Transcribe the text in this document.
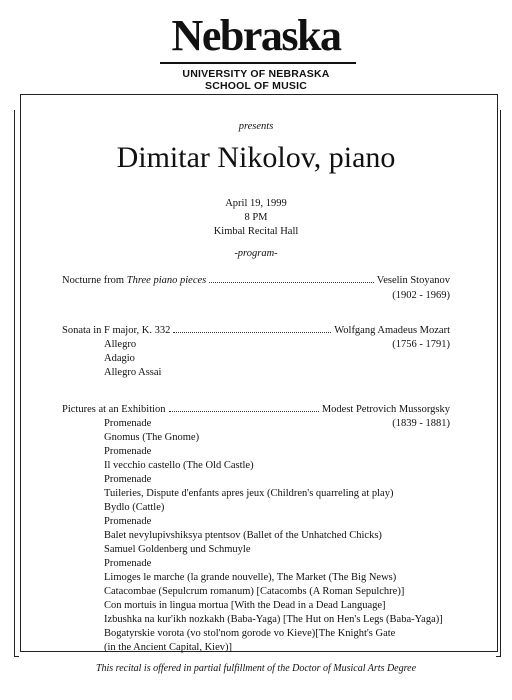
Nebraska
UNIVERSITY OF NEBRASKA
SCHOOL OF MUSIC
presents
Dimitar Nikolov, piano
April 19, 1999
8 PM
Kimbal Recital Hall
-program-
Nocturne from Three piano pieces	Veselin Stoyanov
(1902 - 1969)
Sonata in F major, K. 332	Wolfgang Amadeus Mozart
(1756 - 1791)
Allegro
Adagio
Allegro Assai
Pictures at an Exhibition	Modest Petrovich Mussorgsky
(1839 - 1881)
Promenade
Gnomus (The Gnome)
Promenade
Il vecchio castello (The Old Castle)
Promenade
Tuileries, Dispute d'enfants apres jeux (Children's quarreling at play)
Bydlo (Cattle)
Promenade
Balet nevylupivshiksya ptentsov (Ballet of the Unhatched Chicks)
Samuel Goldenberg und Schmuyle
Promenade
Limoges le marche (la grande nouvelle), The Market (The Big News)
Catacombae (Sepulcrum romanum) [Catacombs (A Roman Sepulchre)]
Con mortuis in lingua mortua [With the Dead in a Dead Language]
Izbushka na kur'ikh nozkakh (Baba-Yaga) [The Hut on Hen's Legs (Baba-Yaga)]
Bogatyrskie vorota (vo stol'nom gorode vo Kieve)[The Knight's Gate
(in the Ancient Capital, Kiev)]
This recital is offered in partial fulfillment of the Doctor of Musical Arts Degree
